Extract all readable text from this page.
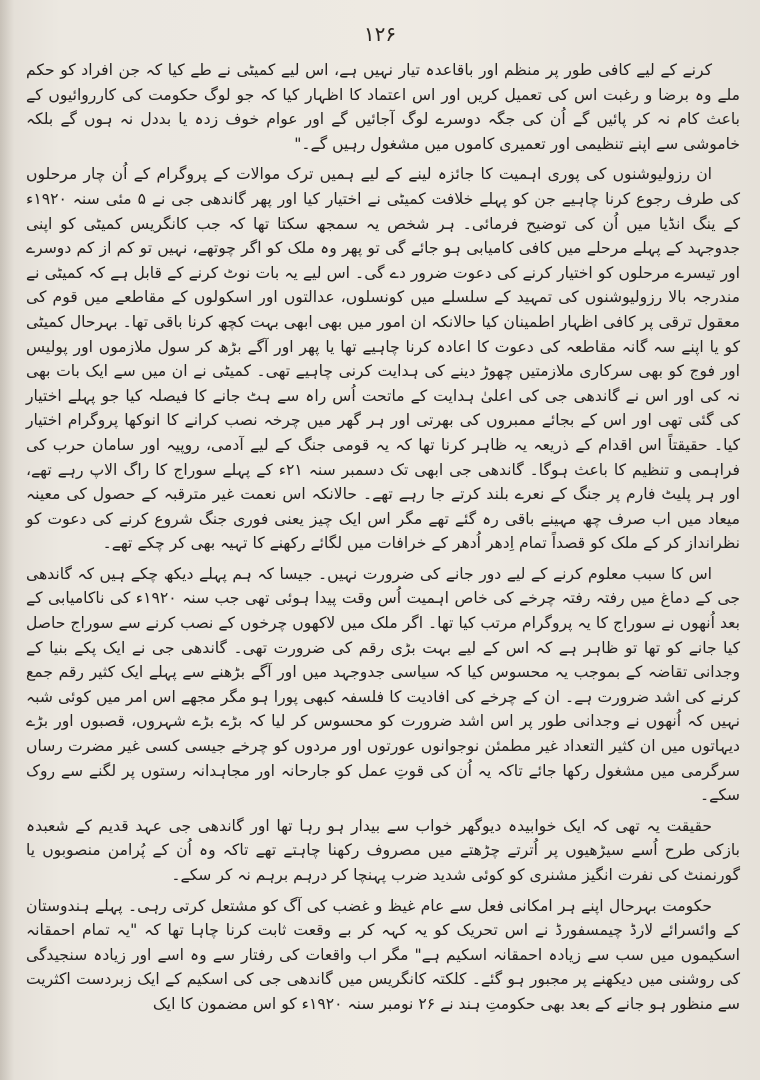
۱۲۶

کرنے کے لیے کافی طور پر منظم اور باقاعدہ تیار نہیں ہے، اس لیے کمیٹی نے طے کیا کہ جن افراد کو حکم ملے وہ برضا و رغبت اس کی تعمیل کریں اور اس اعتماد کا اظہار کیا کہ جو لوگ حکومت کی کارروائیوں کے باعث کام نہ کر پائیں گے اُن کی جگہ دوسرے لوگ آجائیں گے اور عوام خوف زدہ یا بددل نہ ہوں گے بلکہ خاموشی سے اپنے تنظیمی اور تعمیری کاموں میں مشغول رہیں گے۔"

ان رزولیوشنوں کی پوری اہمیت کا جائزہ لینے کے لیے ہمیں ترک موالات کے پروگرام کے اُن چار مرحلوں کی طرف رجوع کرنا چاہیے جن کو پہلے خلافت کمیٹی نے اختیار کیا اور پھر گاندھی جی نے ۵ مئی سنہ ۱۹۲۰ء کے ینگ انڈیا میں اُن کی توضیح فرمائی۔ ہر شخص یہ سمجھ سکتا تھا کہ جب کانگریس کمیٹی کو اپنی جدوجہد کے پہلے مرحلے میں کافی کامیابی ہو جائے گی تو پھر وہ ملک کو اگر چوتھے، نہیں تو کم از کم دوسرے اور تیسرے مرحلوں کو اختیار کرنے کی دعوت ضرور دے گی۔ اس لیے یہ بات نوٹ کرنے کے قابل ہے کہ کمیٹی نے مندرجہ بالا رزولیوشنوں کی تمہید کے سلسلے میں کونسلوں، عدالتوں اور اسکولوں کے مقاطعے میں قوم کی معقول ترقی پر کافی اظہار اطمینان کیا حالانکہ ان امور میں بھی ابھی بہت کچھ کرنا باقی تھا۔ بہرحال کمیٹی کو یا اپنے سہ گانہ مقاطعہ کی دعوت کا اعادہ کرنا چاہیے تھا یا پھر اور آگے بڑھ کر سول ملازموں اور پولیس اور فوج کو بھی سرکاری ملازمتیں چھوڑ دینے کی ہدایت کرنی چاہیے تھی۔ کمیٹی نے ان میں سے ایک بات بھی نہ کی اور اس نے گاندھی جی کی اعلیٰ ہدایت کے ماتحت اُس راہ سے ہٹ جانے کا فیصلہ کیا جو پہلے اختیار کی گئی تھی اور اس کے بجائے ممبروں کی بھرتی اور ہر گھر میں چرخہ نصب کرانے کا انوکھا پروگرام اختیار کیا۔ حقیقتاً اس اقدام کے ذریعہ یہ ظاہر کرنا تھا کہ یہ قومی جنگ کے لیے آدمی، روپیہ اور سامان حرب کی فراہمی و تنظیم کا باعث ہوگا۔ گاندھی جی ابھی تک دسمبر سنہ ۲۱ء کے پہلے سوراج کا راگ الاپ رہے تھے، اور ہر پلیٹ فارم پر جنگ کے نعرے بلند کرتے جا رہے تھے۔ حالانکہ اس نعمت غیر مترقبہ کے حصول کی معینہ میعاد میں اب صرف چھ مہینے باقی رہ گئے تھے مگر اس ایک چیز یعنی فوری جنگ شروع کرنے کی دعوت کو نظرانداز کر کے ملک کو قصداً تمام اِدھر اُدھر کے خرافات میں لگائے رکھنے کا تہیہ بھی کر چکے تھے۔

اس کا سبب معلوم کرنے کے لیے دور جانے کی ضرورت نہیں۔ جیسا کہ ہم پہلے دیکھ چکے ہیں کہ گاندھی جی کے دماغ میں رفتہ رفتہ چرخے کی خاص اہمیت اُس وقت پیدا ہوئی تھی جب سنہ ۱۹۲۰ء کی ناکامیابی کے بعد اُنھوں نے سوراج کا یہ پروگرام مرتب کیا تھا۔ اگر ملک میں لاکھوں چرخوں کے نصب کرنے سے سوراج حاصل کیا جانے کو تھا تو ظاہر ہے کہ اس کے لیے بہت بڑی رقم کی ضرورت تھی۔ گاندھی جی نے ایک پکے بنیا کے وجدانی تقاضہ کے بموجب یہ محسوس کیا کہ سیاسی جدوجہد میں اور آگے بڑھنے سے پہلے ایک کثیر رقم جمع کرنے کی اشد ضرورت ہے۔ ان کے چرخے کی افادیت کا فلسفہ کبھی پورا ہو مگر مجھے اس امر میں کوئی شبہ نہیں کہ اُنھوں نے وجدانی طور پر اس اشد ضرورت کو محسوس کر لیا کہ بڑے بڑے شہروں، قصبوں اور بڑے دیہاتوں میں ان کثیر التعداد غیر مطمئن نوجوانوں عورتوں اور مردوں کو چرخے جیسی کسی غیر مضرت رساں سرگرمی میں مشغول رکھا جائے تاکہ یہ اُن کی قوتِ عمل کو جارحانہ اور مجاہدانہ رستوں پر لگنے سے روک سکے۔

حقیقت یہ تھی کہ ایک خوابیدہ دیوگھر خواب سے بیدار ہو رہا تھا اور گاندھی جی عہد قدیم کے شعبدہ بازکی طرح اُسے سیڑھیوں پر اُترتے چڑھتے میں مصروف رکھنا چاہتے تھے تاکہ وہ اُن کے پُرامن منصوبوں یا گورنمنٹ کی نفرت انگیز مشنری کو کوئی شدید ضرب پہنچا کر درہم برہم نہ کر سکے۔

حکومت بہرحال اپنے ہر امکانی فعل سے عام غیظ و غضب کی آگ کو مشتعل کرتی رہی۔ پہلے ہندوستان کے وائسرائے لارڈ چیمسفورڈ نے اس تحریک کو یہ کہہ کر بے وقعت ثابت کرنا چاہا تھا کہ "یہ تمام احمقانہ اسکیموں میں سب سے زیادہ احمقانہ اسکیم ہے" مگر اب واقعات کی رفتار سے وہ اسے اور زیادہ سنجیدگی کی روشنی میں دیکھنے پر مجبور ہو گئے۔ کلکتہ کانگریس میں گاندھی جی کی اسکیم کے ایک زبردست اکثریت سے منظور ہو جانے کے بعد بھی حکومتِ ہند نے ۲۶ نومبر سنہ ۱۹۲۰ء کو اس مضمون کا ایک
